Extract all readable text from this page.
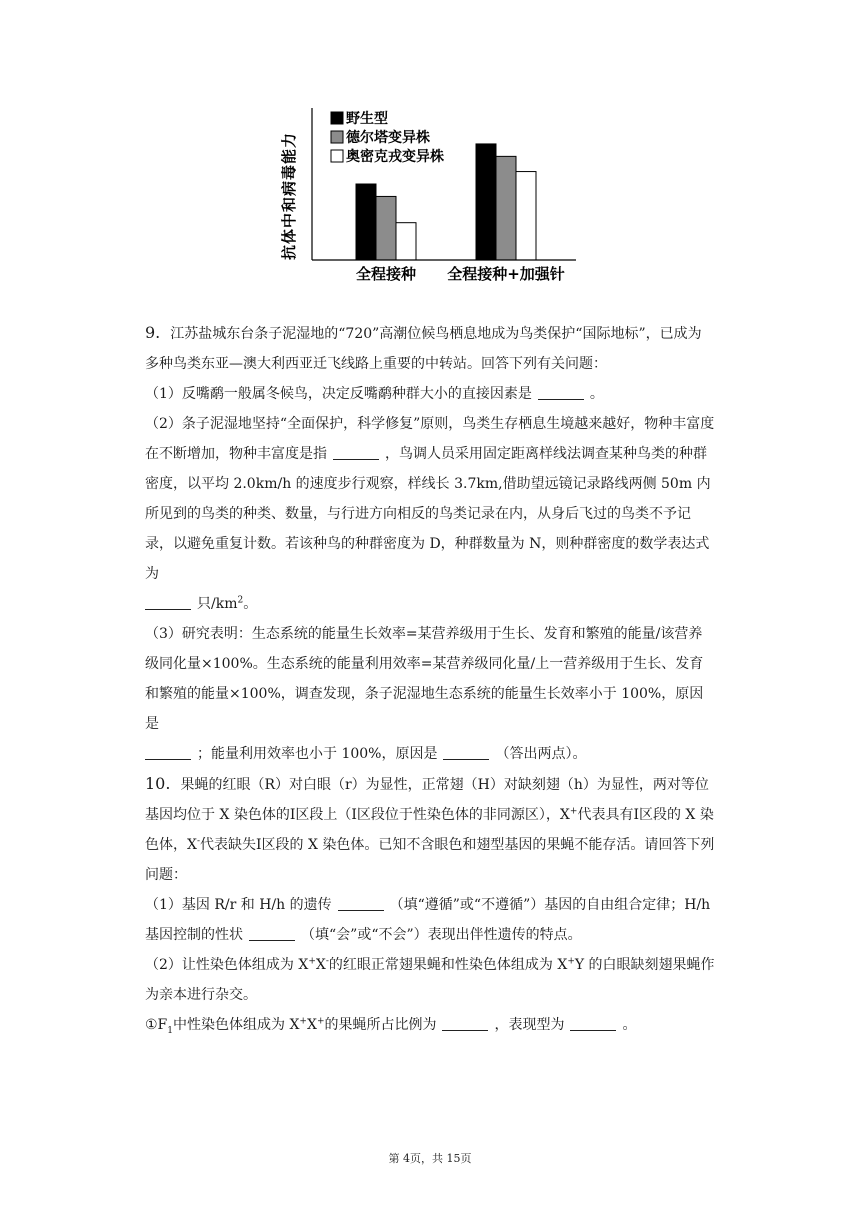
抗体中和病毒能力
野生型
德尔塔变异株
奥密克戎变异株
全程接种 全程接种+加强针

9. 江苏盐城东台条子泥湿地的“720”高潮位候鸟栖息地成为鸟类保护“国际地标”，已成为多种鸟类东亚—澳大利西亚迁飞线路上重要的中转站。回答下列有关问题：

（1）反嘴鹬一般属冬候鸟，决定反嘴鹬种群大小的直接因素是	。

（2）条子泥湿地坚持“全面保护，科学修复”原则，鸟类生存栖息生境越来越好，物种丰富度在不断增加，物种丰富度是指	，鸟调人员采用固定距离样线法调查某种鸟类的种群密度，以平均 2.0km/h 的速度步行观察，样线长 3.7km,借助望远镜记录路线两侧 50m 内所见到的鸟类的种类、数量，与行进方向相反的鸟类记录在内，从身后飞过的鸟类不予记录，以避免重复计数。若该种鸟的种群密度为 D，种群数量为 N，则种群密度的数学表达式为
只$/km^2$。

（3）研究表明：生态系统的能量生长效率=某营养级用于生长、发育和繁殖的能量/该营养级同化量×100%。生态系统的能量利用效率=某营养级同化量/上一营养级用于生长、发育和繁殖的能量×100%，调查发现，条子泥湿地生态系统的能量生长效率小于 100%，原因是
；能量利用效率也小于 100%，原因是	（答出两点）。

10. 果蝇的红眼（R）对白眼（r）为显性，正常翅（H）对缺刻翅（h）为显性，两对等位基因均位于 X 染色体的Ⅰ区段上（Ⅰ区段位于性染色体的非同源区），X+代表具有Ⅰ区段的 X 染色体，X-代表缺失Ⅰ区段的 X 染色体。已知不含眼色和翅型基因的果蝇不能存活。请回答下列问题：

（1）基因 R/r 和 H/h 的遗传	（填“遵循”或“不遵循”）基因的自由组合定律；H/h 基因控制的性状	（填“会”或“不会”）表现出伴性遗传的特点。

（2）让性染色体组成为 X+X-的红眼正常翅果蝇和性染色体组成为 X+Y 的白眼缺刻翅果蝇作为亲本进行杂交。

$①F_1$中性染色体组成为 X+X+的果蝇所占比例为	，表现型为	。

第 4页，共 15页
